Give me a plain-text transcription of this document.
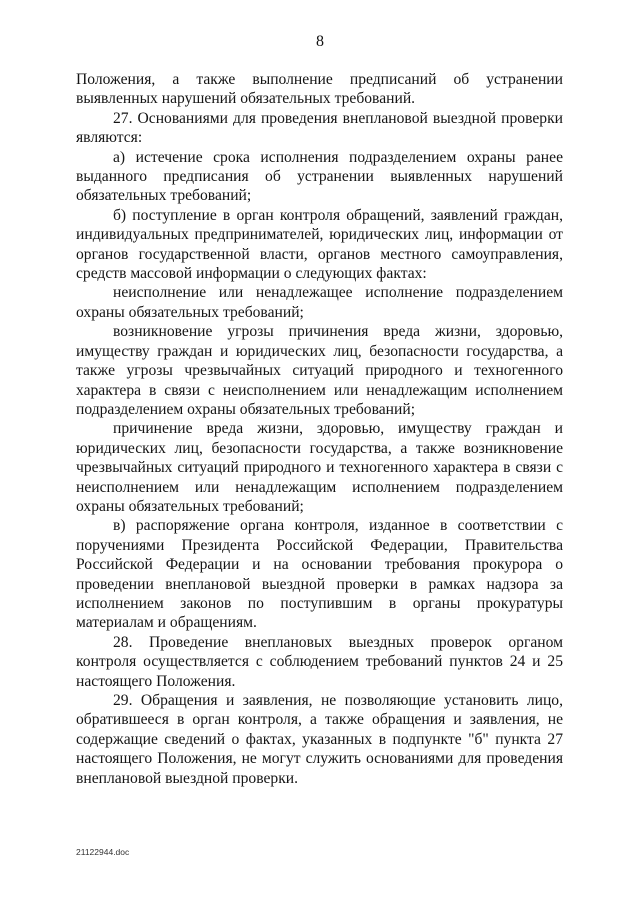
8

Положения, а также выполнение предписаний об устранении выявленных нарушений обязательных требований.

27. Основаниями для проведения внеплановой выездной проверки являются:

а) истечение срока исполнения подразделением охраны ранее выданного предписания об устранении выявленных нарушений обязательных требований;

б) поступление в орган контроля обращений, заявлений граждан, индивидуальных предпринимателей, юридических лиц, информации от органов государственной власти, органов местного самоуправления, средств массовой информации о следующих фактах:

неисполнение или ненадлежащее исполнение подразделением охраны обязательных требований;

возникновение угрозы причинения вреда жизни, здоровью, имуществу граждан и юридических лиц, безопасности государства, а также угрозы чрезвычайных ситуаций природного и техногенного характера в связи с неисполнением или ненадлежащим исполнением подразделением охраны обязательных требований;

причинение вреда жизни, здоровью, имуществу граждан и юридических лиц, безопасности государства, а также возникновение чрезвычайных ситуаций природного и техногенного характера в связи с неисполнением или ненадлежащим исполнением подразделением охраны обязательных требований;

в) распоряжение органа контроля, изданное в соответствии с поручениями Президента Российской Федерации, Правительства Российской Федерации и на основании требования прокурора о проведении внеплановой выездной проверки в рамках надзора за исполнением законов по поступившим в органы прокуратуры материалам и обращениям.

28. Проведение внеплановых выездных проверок органом контроля осуществляется с соблюдением требований пунктов 24 и 25 настоящего Положения.

29. Обращения и заявления, не позволяющие установить лицо, обратившееся в орган контроля, а также обращения и заявления, не содержащие сведений о фактах, указанных в подпункте "б" пункта 27 настоящего Положения, не могут служить основаниями для проведения внеплановой выездной проверки.

21122944.doc
